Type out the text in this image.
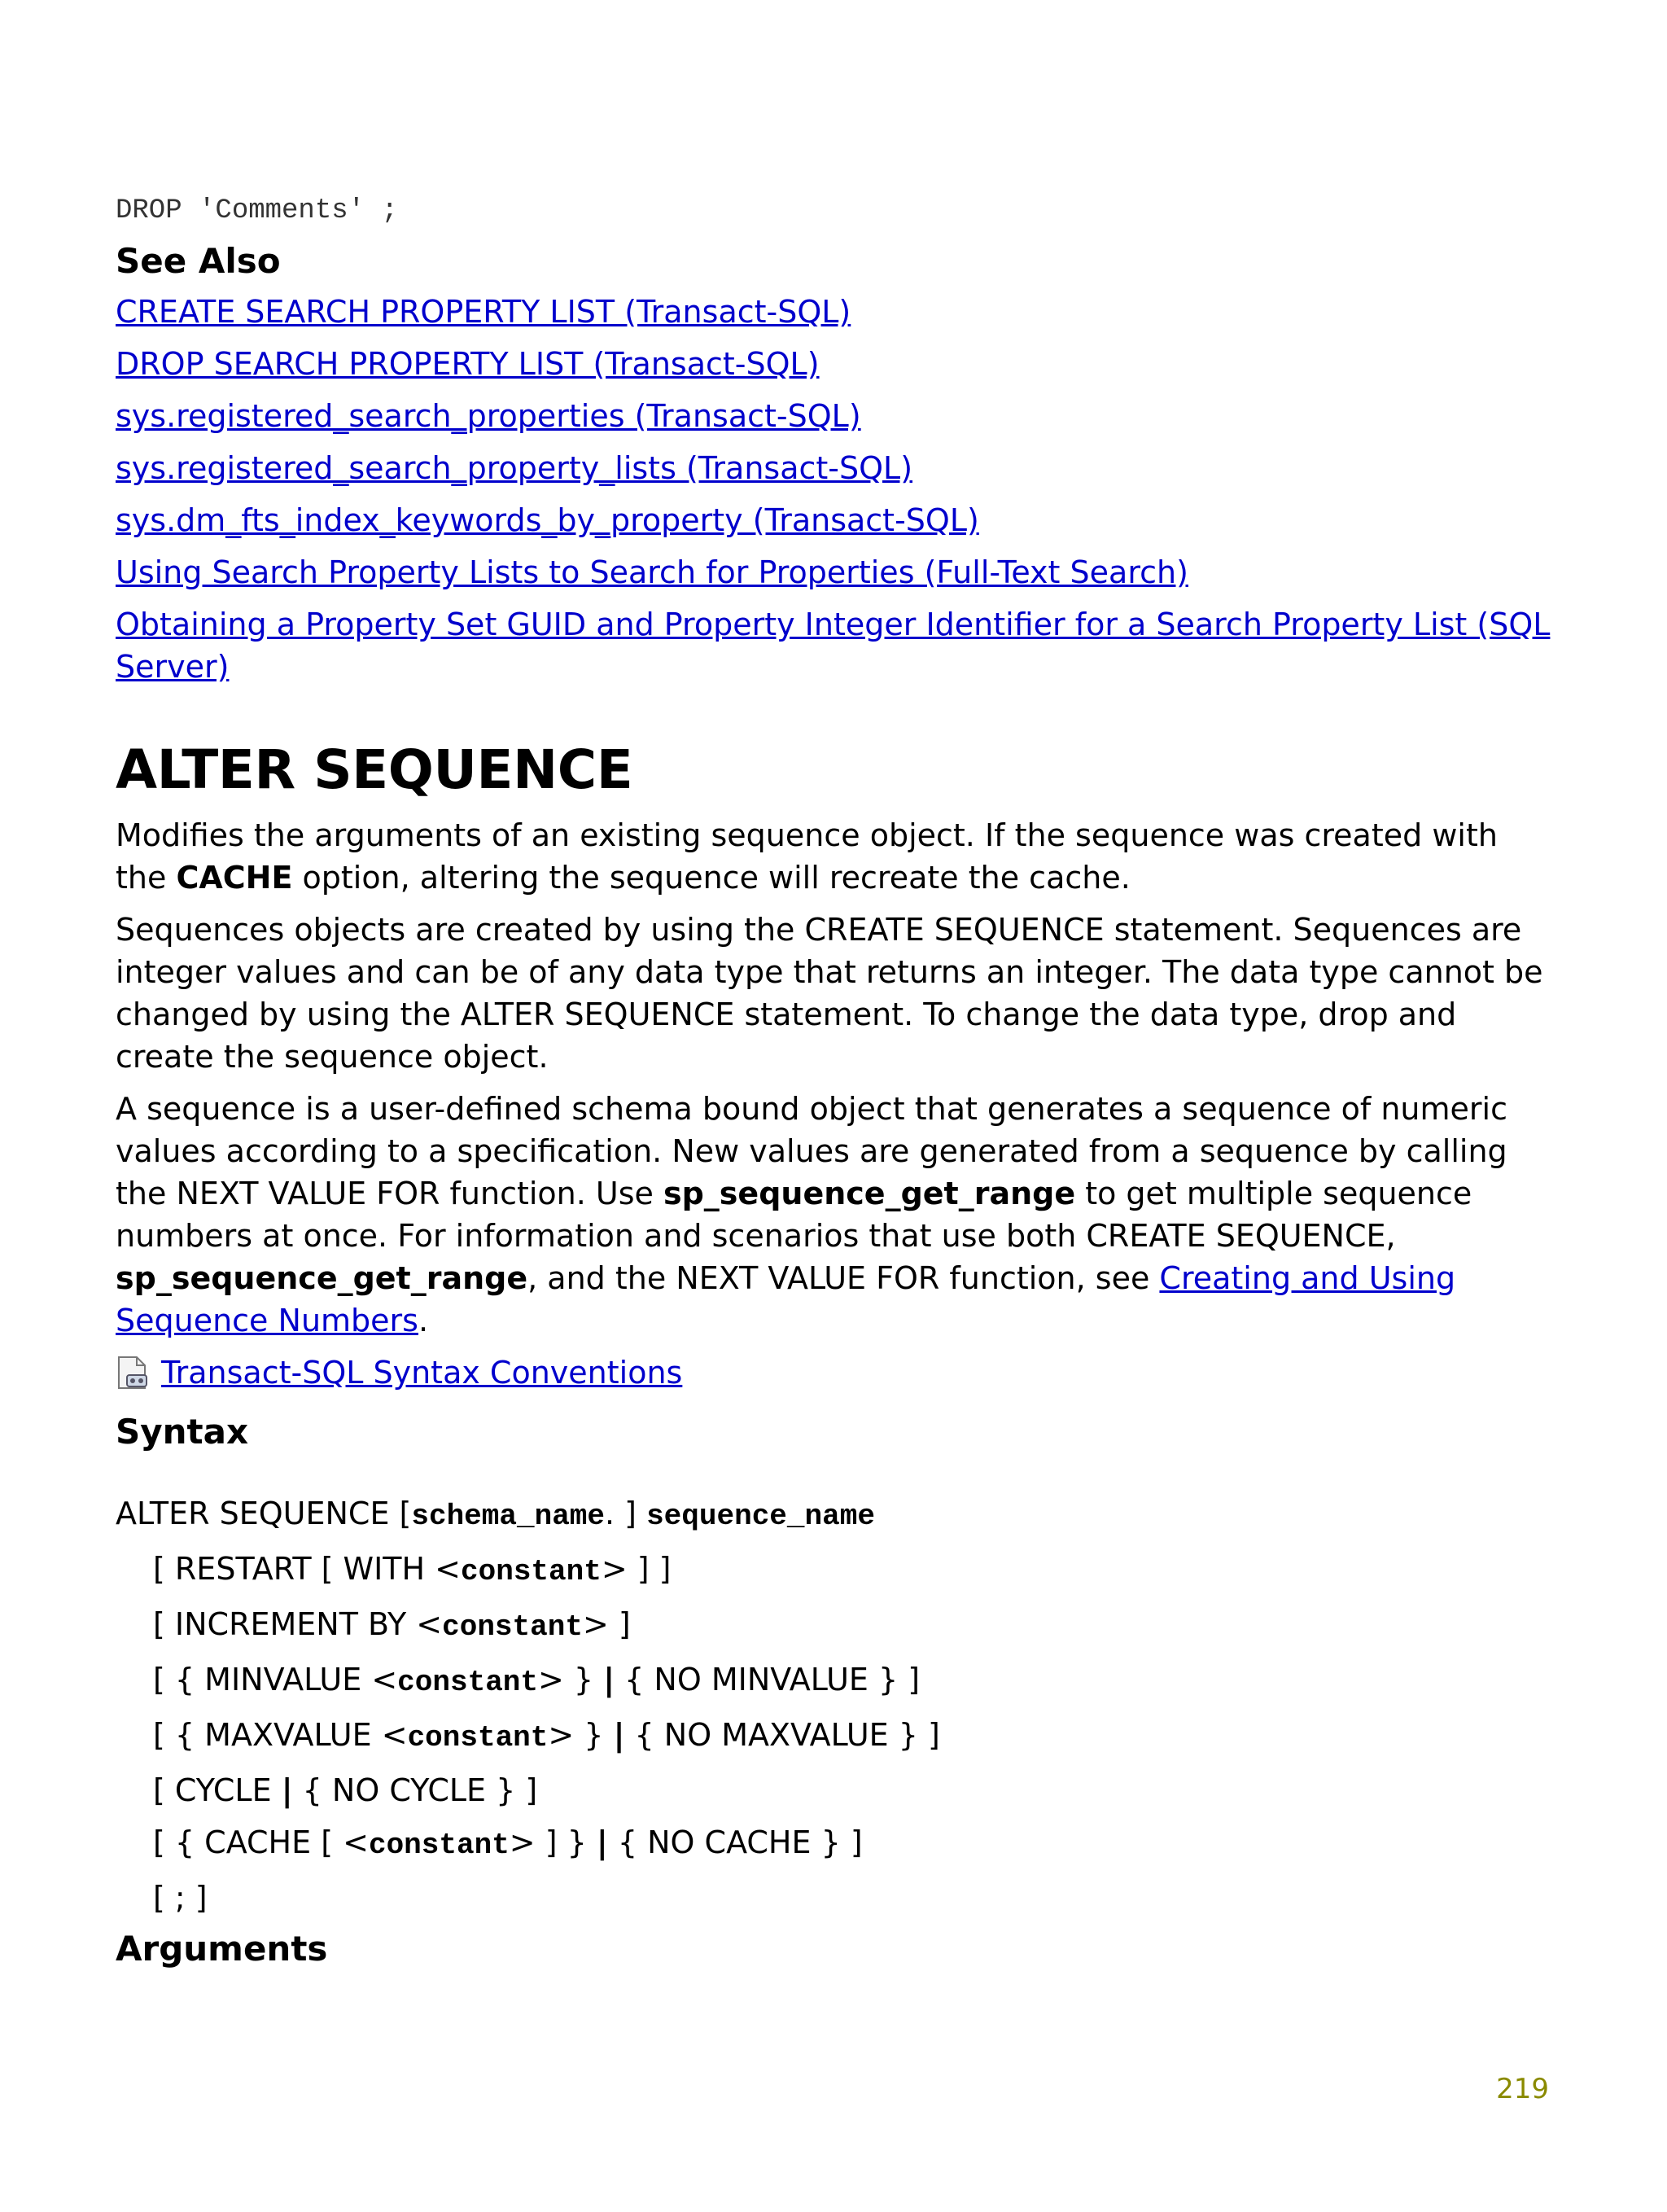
DROP 'Comments' ;
See Also
CREATE SEARCH PROPERTY LIST (Transact-SQL)
DROP SEARCH PROPERTY LIST (Transact-SQL)
sys.registered_search_properties (Transact-SQL)
sys.registered_search_property_lists (Transact-SQL)
sys.dm_fts_index_keywords_by_property (Transact-SQL)
Using Search Property Lists to Search for Properties (Full-Text Search)
Obtaining a Property Set GUID and Property Integer Identifier for a Search Property List (SQL Server)
ALTER SEQUENCE

Modifies the arguments of an existing sequence object. If the sequence was created with the CACHE option, altering the sequence will recreate the cache.

Sequences objects are created by using the CREATE SEQUENCE statement. Sequences are integer values and can be of any data type that returns an integer. The data type cannot be changed by using the ALTER SEQUENCE statement. To change the data type, drop and create the sequence object.

A sequence is a user-defined schema bound object that generates a sequence of numeric values according to a specification. New values are generated from a sequence by calling the NEXT VALUE FOR function. Use sp_sequence_get_range to get multiple sequence numbers at once. For information and scenarios that use both CREATE SEQUENCE, sp_sequence_get_range, and the NEXT VALUE FOR function, see Creating and Using Sequence Numbers.

Transact-SQL Syntax Conventions
Syntax
ALTER SEQUENCE [schema_name. ] sequence_name
[ RESTART [ WITH <constant> ] ]
[ INCREMENT BY <constant> ]
[ { MINVALUE <constant> } | { NO MINVALUE } ]
[ { MAXVALUE <constant> } | { NO MAXVALUE } ]
[ CYCLE | { NO CYCLE } ]
[ { CACHE [ <constant> ] } | { NO CACHE } ]
[ ; ]
Arguments
219
